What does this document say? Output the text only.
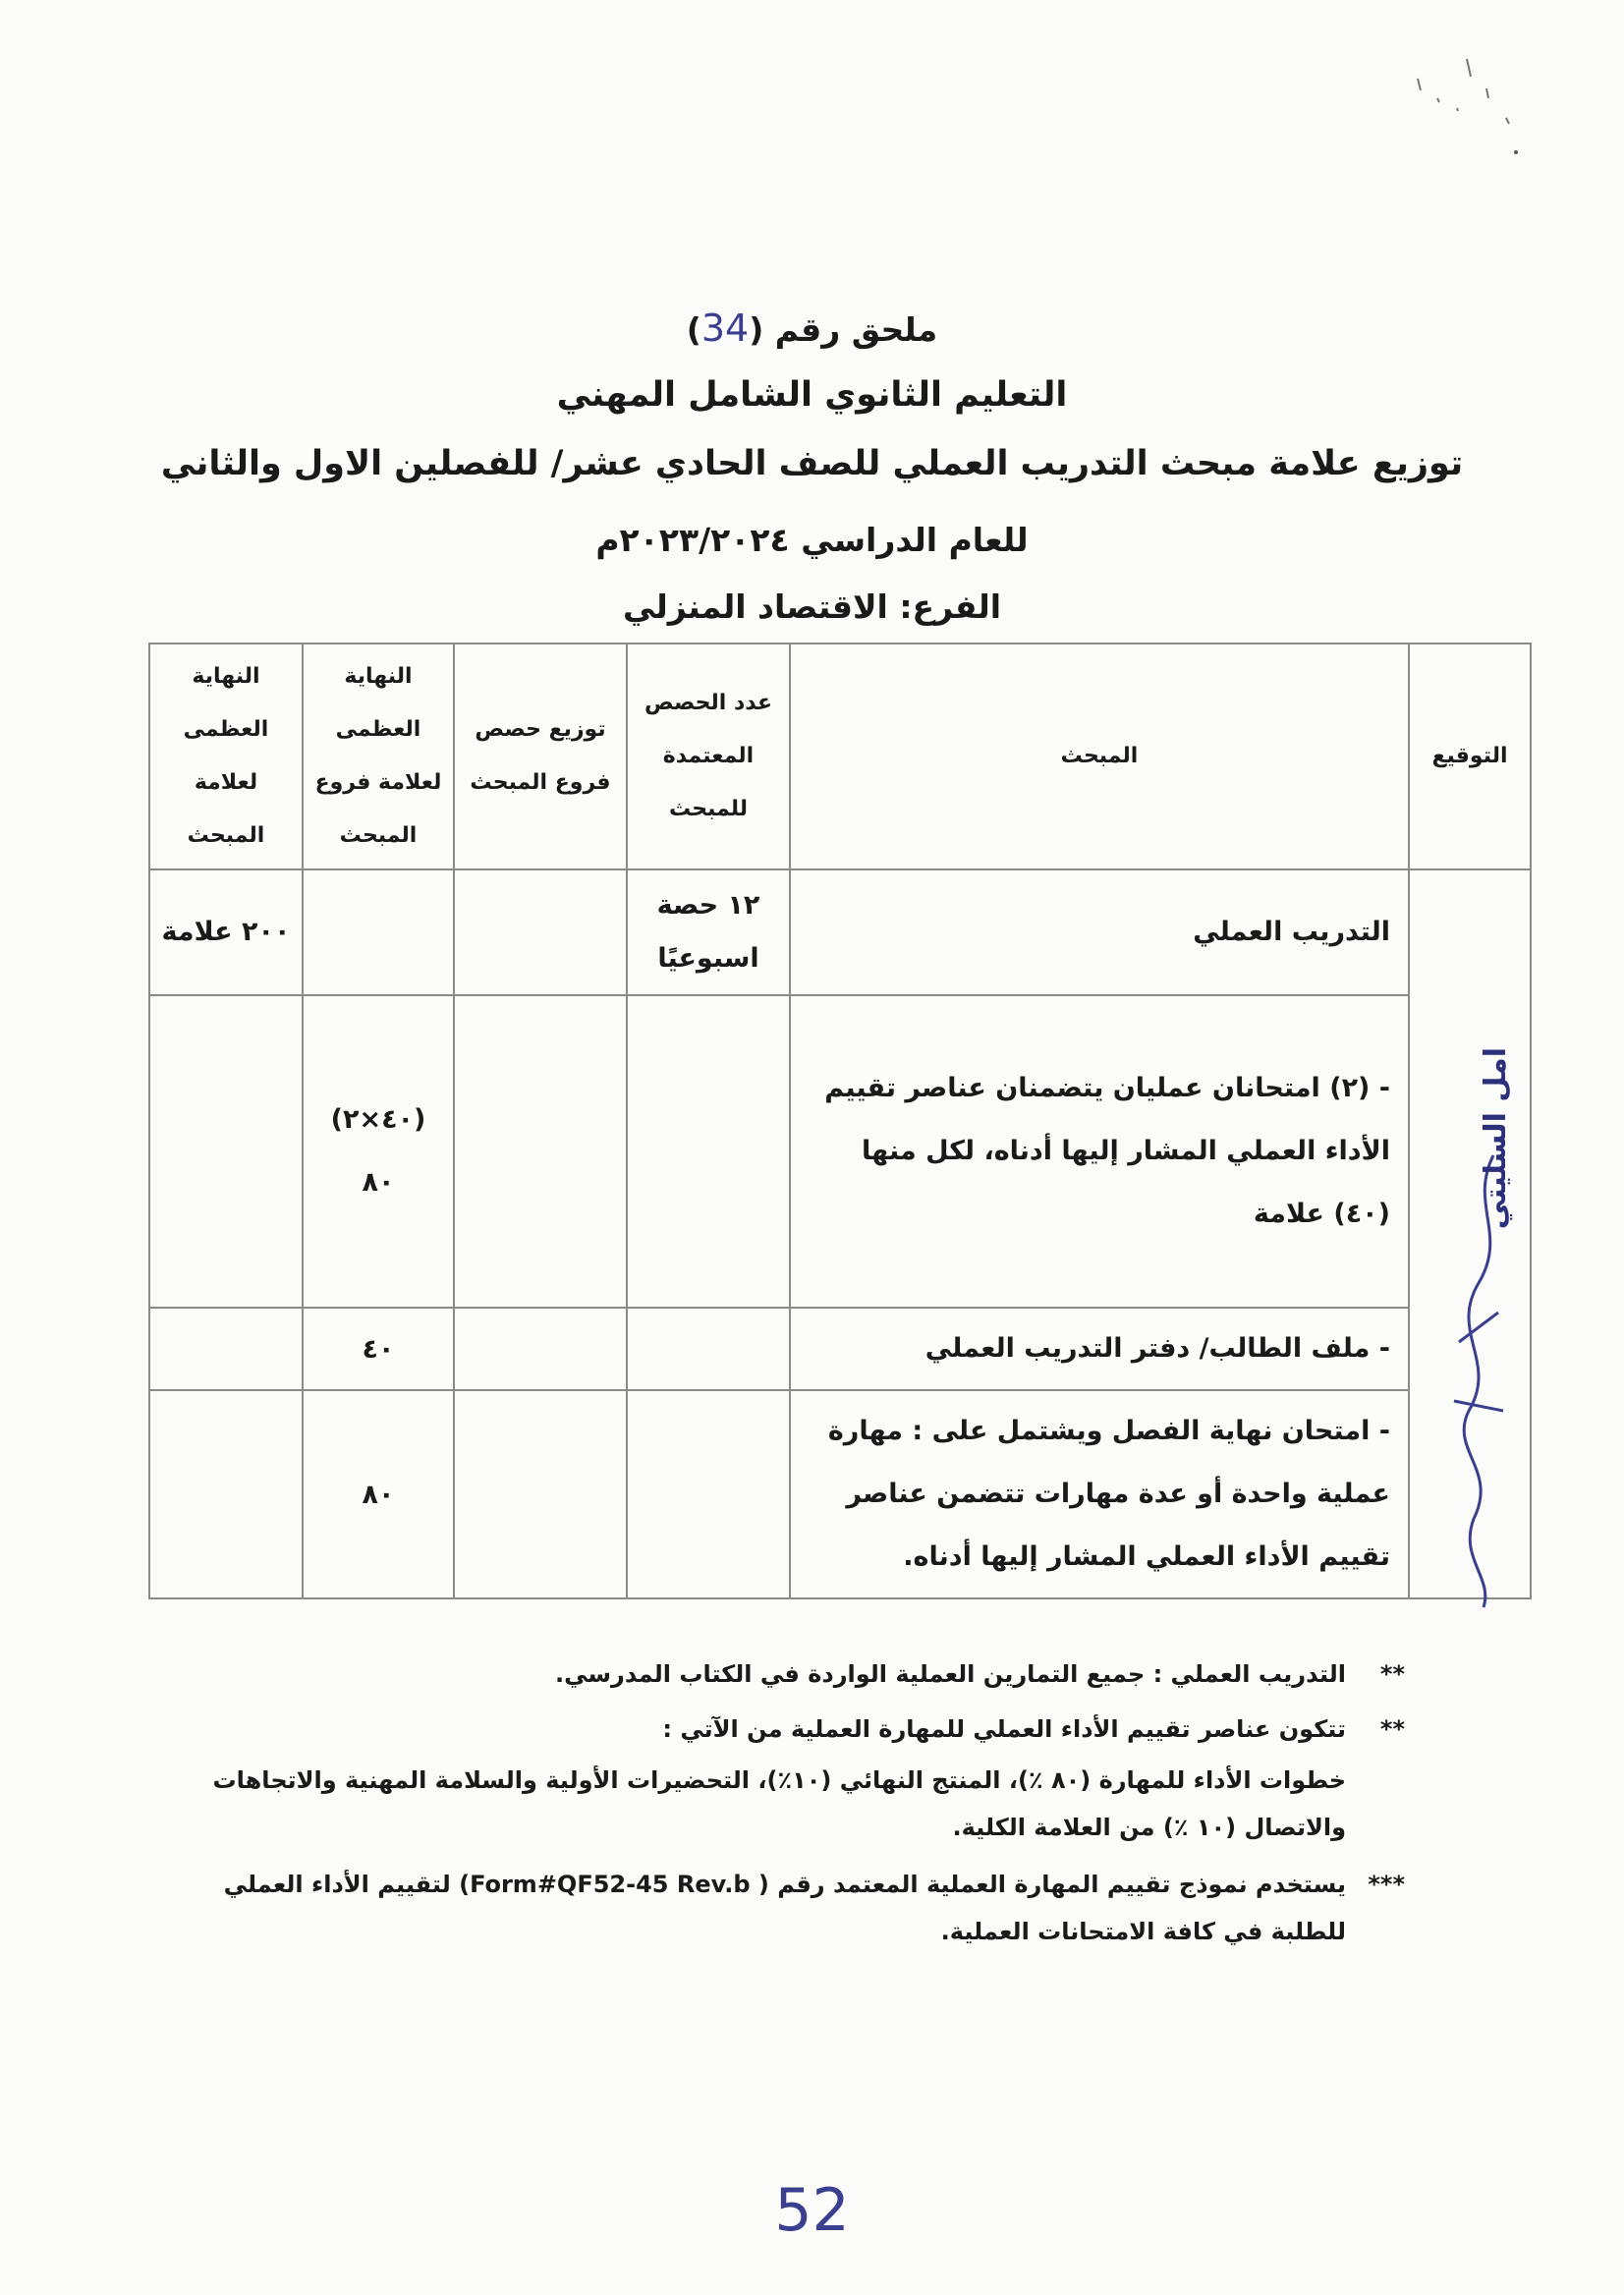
ملحق رقم (34)
التعليم الثانوي الشامل المهني
توزيع علامة مبحث التدريب العملي للصف الحادي عشر/ للفصلين الاول والثاني
للعام الدراسي ٢٠٢٣/٢٠٢٤م
الفرع: الاقتصاد المنزلي
التوقيع	المبحث	عدد الحصص المعتمدة للمبحث	توزيع حصص فروع المبحث	النهاية العظمى لعلامة فروع المبحث	النهاية العظمى لعلامة المبحث

امل السليتي	التدريب العملي	١٢ حصة اسبوعيًا			٢٠٠ علامة
	- (٢) امتحانان عمليان يتضمنان عناصر تقييم الأداء العملي المشار إليها أدناه، لكل منها (٤٠) علامة			(٤٠×٢)
٨٠	

	- ملف الطالب/ دفتر التدريب العملي			٤٠	
	- امتحان نهاية الفصل ويشتمل على : مهارة عملية واحدة أو عدة مهارات تتضمن عناصر تقييم الأداء العملي المشار إليها أدناه.			٨٠	
**
التدريب العملي : جميع التمارين العملية الواردة في الكتاب المدرسي.
**
تتكون عناصر تقييم الأداء العملي للمهارة العملية من الآتي :
خطوات الأداء للمهارة (٨٠ ٪)، المنتج النهائي (١٠٪)، التحضيرات الأولية والسلامة المهنية والاتجاهات والاتصال (١٠ ٪) من العلامة الكلية.
***
يستخدم نموذج تقييم المهارة العملية المعتمد رقم ( Form#QF52-45 Rev.b) لتقييم الأداء العملي للطلبة في كافة الامتحانات العملية.
52
